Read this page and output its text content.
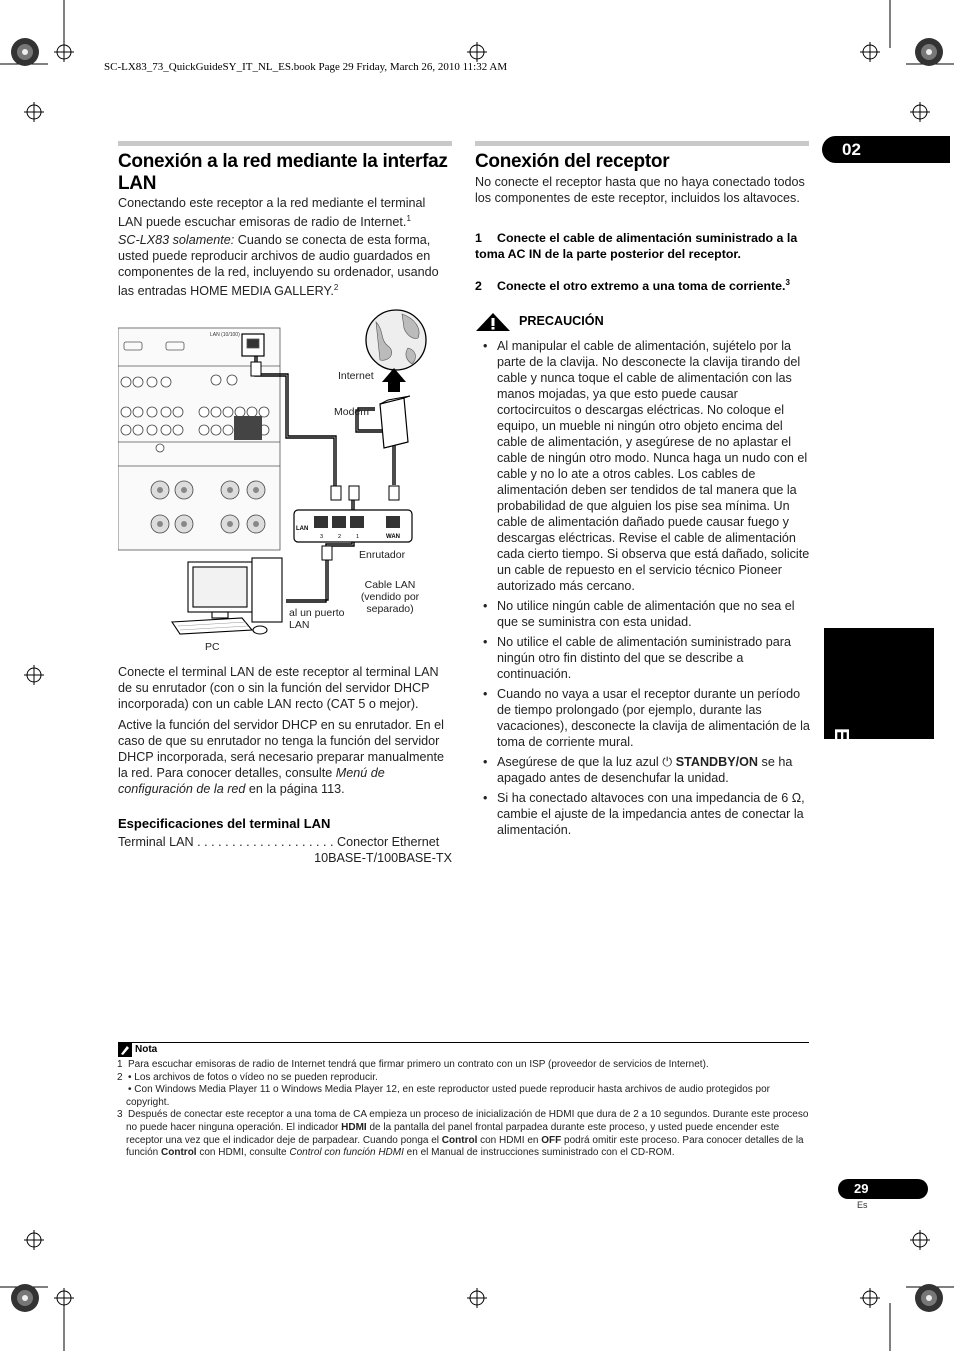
SC-LX83_73_QuickGuideSY_IT_NL_ES.book Page 29 Friday, March 26, 2010 11:32 AM
02
Español
Conexión a la red mediante la interfaz LAN
Conectando este receptor a la red mediante el terminal LAN puede escuchar emisoras de radio de Internet.$^1$
SC-LX83 solamente: Cuando se conecta de esta forma, usted puede reproducir archivos de audio guardados en componentes de la red, incluyendo su ordenador, usando las entradas HOME MEDIA GALLERY.$^2$
LAN (10/100)
LAN
WAN
3	2	1
Internet
Modem
Enrutador
Cable LAN (vendido por separado)
al un puerto LAN
PC
Conecte el terminal LAN de este receptor al terminal LAN de su enrutador (con o sin la función del servidor DHCP incorporada) con un cable LAN recto (CAT 5 o mejor).
Active la función del servidor DHCP en su enrutador. En el caso de que su enrutador no tenga la función del servidor DHCP incorporada, será necesario preparar manualmente la red. Para conocer detalles, consulte Menú de configuración de la red en la página 113.
Especificaciones del terminal LAN
Terminal LAN . . . . . . . . . . . . . . . . . . . . Conector Ethernet
10BASE-T/100BASE-TX
Conexión del receptor
No conecte el receptor hasta que no haya conectado todos los componentes de este receptor, incluidos los altavoces.
1 Conecte el cable de alimentación suministrado a la toma AC IN de la parte posterior del receptor.
2 Conecte el otro extremo a una toma de corriente.$^3$
PRECAUCIÓN
• Al manipular el cable de alimentación, sujételo por la parte de la clavija. No desconecte la clavija tirando del cable y nunca toque el cable de alimentación con las manos mojadas, ya que esto puede causar cortocircuitos o descargas eléctricas. No coloque el equipo, un mueble ni ningún otro objeto encima del cable de alimentación, y asegúrese de no aplastar el cable de ningún otro modo. Nunca haga un nudo con el cable y no lo ate a otros cables. Los cables de alimentación deben ser tendidos de tal manera que la probabilidad de que alguien los pise sea mínima. Un cable de alimentación dañado puede causar fuego y descargas eléctricas. Revise el cable de alimentación cada cierto tiempo. Si observa que está dañado, solicite un cable de repuesto en el servicio técnico Pioneer autorizado más cercano.
• No utilice ningún cable de alimentación que no sea el que se suministra con esta unidad.
• No utilice el cable de alimentación suministrado para ningún otro fin distinto del que se describe a continuación.
• Cuando no vaya a usar el receptor durante un período de tiempo prolongado (por ejemplo, durante las vacaciones), desconecte la clavija de alimentación de la toma de corriente mural.
• Asegúrese de que la luz azul ⏻ STANDBY/ON se ha apagado antes de desenchufar la unidad.
• Si ha conectado altavoces con una impedancia de 6 Ω, cambie el ajuste de la impedancia antes de conectar la alimentación.
Nota
1 Para escuchar emisoras de radio de Internet tendrá que firmar primero un contrato con un ISP (proveedor de servicios de Internet).
2 • Los archivos de fotos o vídeo no se pueden reproducir.
• Con Windows Media Player 11 o Windows Media Player 12, en este reproductor usted puede reproducir hasta archivos de audio protegidos por copyright.
3 Después de conectar este receptor a una toma de CA empieza un proceso de inicialización de HDMI que dura de 2 a 10 segundos. Durante este proceso no puede hacer ninguna operación. El indicador HDMI de la pantalla del panel frontal parpadea durante este proceso, y usted puede encender este receptor una vez que el indicador deje de parpadear. Cuando ponga el Control con HDMI en OFF podrá omitir este proceso. Para conocer detalles de la función Control con HDMI, consulte Control con función HDMI en el Manual de instrucciones suministrado con el CD-ROM.
29
Es
